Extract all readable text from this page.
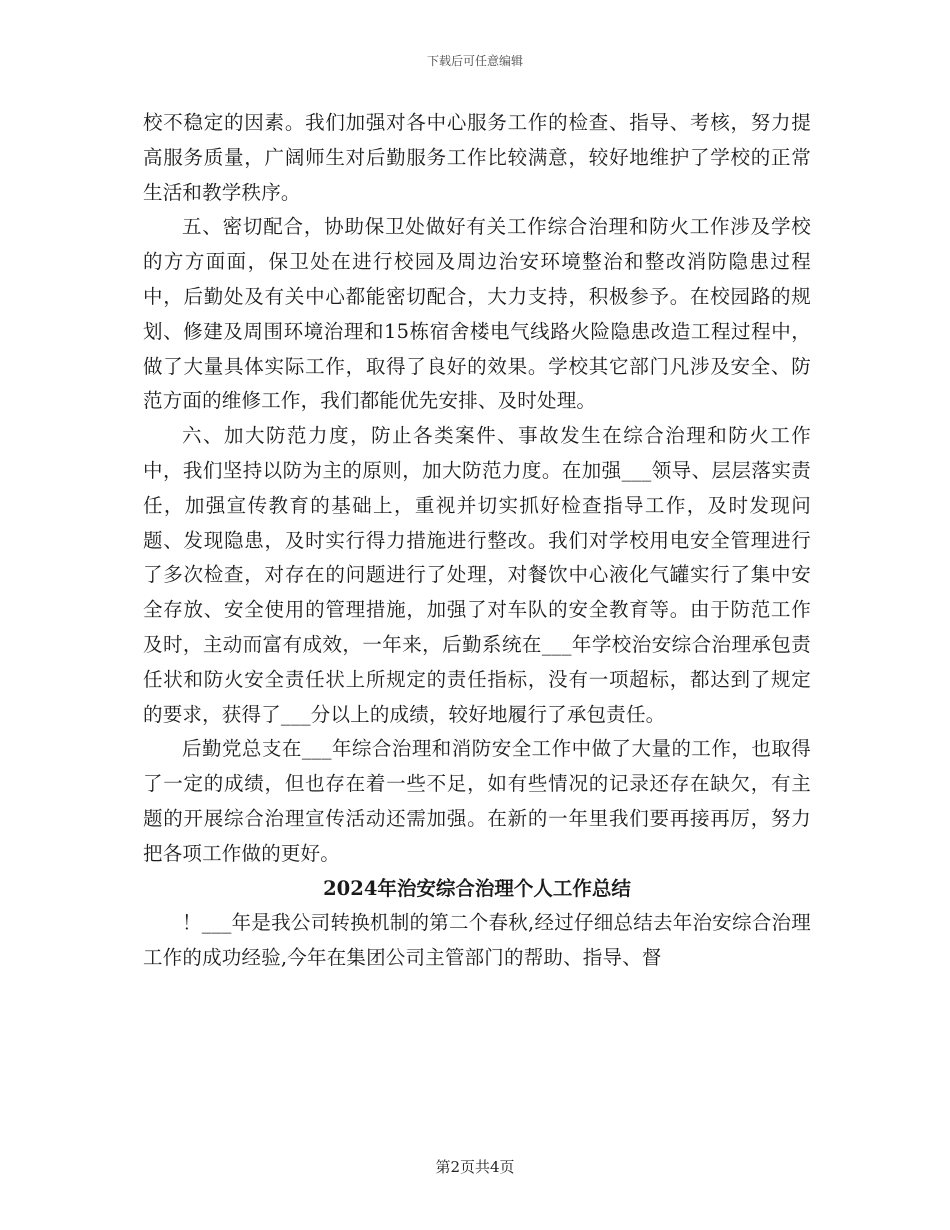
下载后可任意编辑

校不稳定的因素。我们加强对各中心服务工作的检查、指导、考核，努力提高服务质量，广阔师生对后勤服务工作比较满意，较好地维护了学校的正常生活和教学秩序。

五、密切配合，协助保卫处做好有关工作综合治理和防火工作涉及学校的方方面面，保卫处在进行校园及周边治安环境整治和整改消防隐患过程中，后勤处及有关中心都能密切配合，大力支持，积极参予。在校园路的规划、修建及周围环境治理和15栋宿舍楼电气线路火险隐患改造工程过程中，做了大量具体实际工作，取得了良好的效果。学校其它部门凡涉及安全、防范方面的维修工作，我们都能优先安排、及时处理。

六、加大防范力度，防止各类案件、事故发生在综合治理和防火工作中，我们坚持以防为主的原则，加大防范力度。在加强___领导、层层落实责任，加强宣传教育的基础上，重视并切实抓好检查指导工作，及时发现问题、发现隐患，及时实行得力措施进行整改。我们对学校用电安全管理进行了多次检查，对存在的问题进行了处理，对餐饮中心液化气罐实行了集中安全存放、安全使用的管理措施，加强了对车队的安全教育等。由于防范工作及时，主动而富有成效，一年来，后勤系统在___年学校治安综合治理承包责任状和防火安全责任状上所规定的责任指标，没有一项超标，都达到了规定的要求，获得了___分以上的成绩，较好地履行了承包责任。

后勤党总支在___年综合治理和消防安全工作中做了大量的工作，也取得了一定的成绩，但也存在着一些不足，如有些情况的记录还存在缺欠，有主题的开展综合治理宣传活动还需加强。在新的一年里我们要再接再厉，努力把各项工作做的更好。

2024年治安综合治理个人工作总结

！___年是我公司转换机制的第二个春秋,经过仔细总结去年治安综合治理工作的成功经验,今年在集团公司主管部门的帮助、指导、督

第2页共4页
